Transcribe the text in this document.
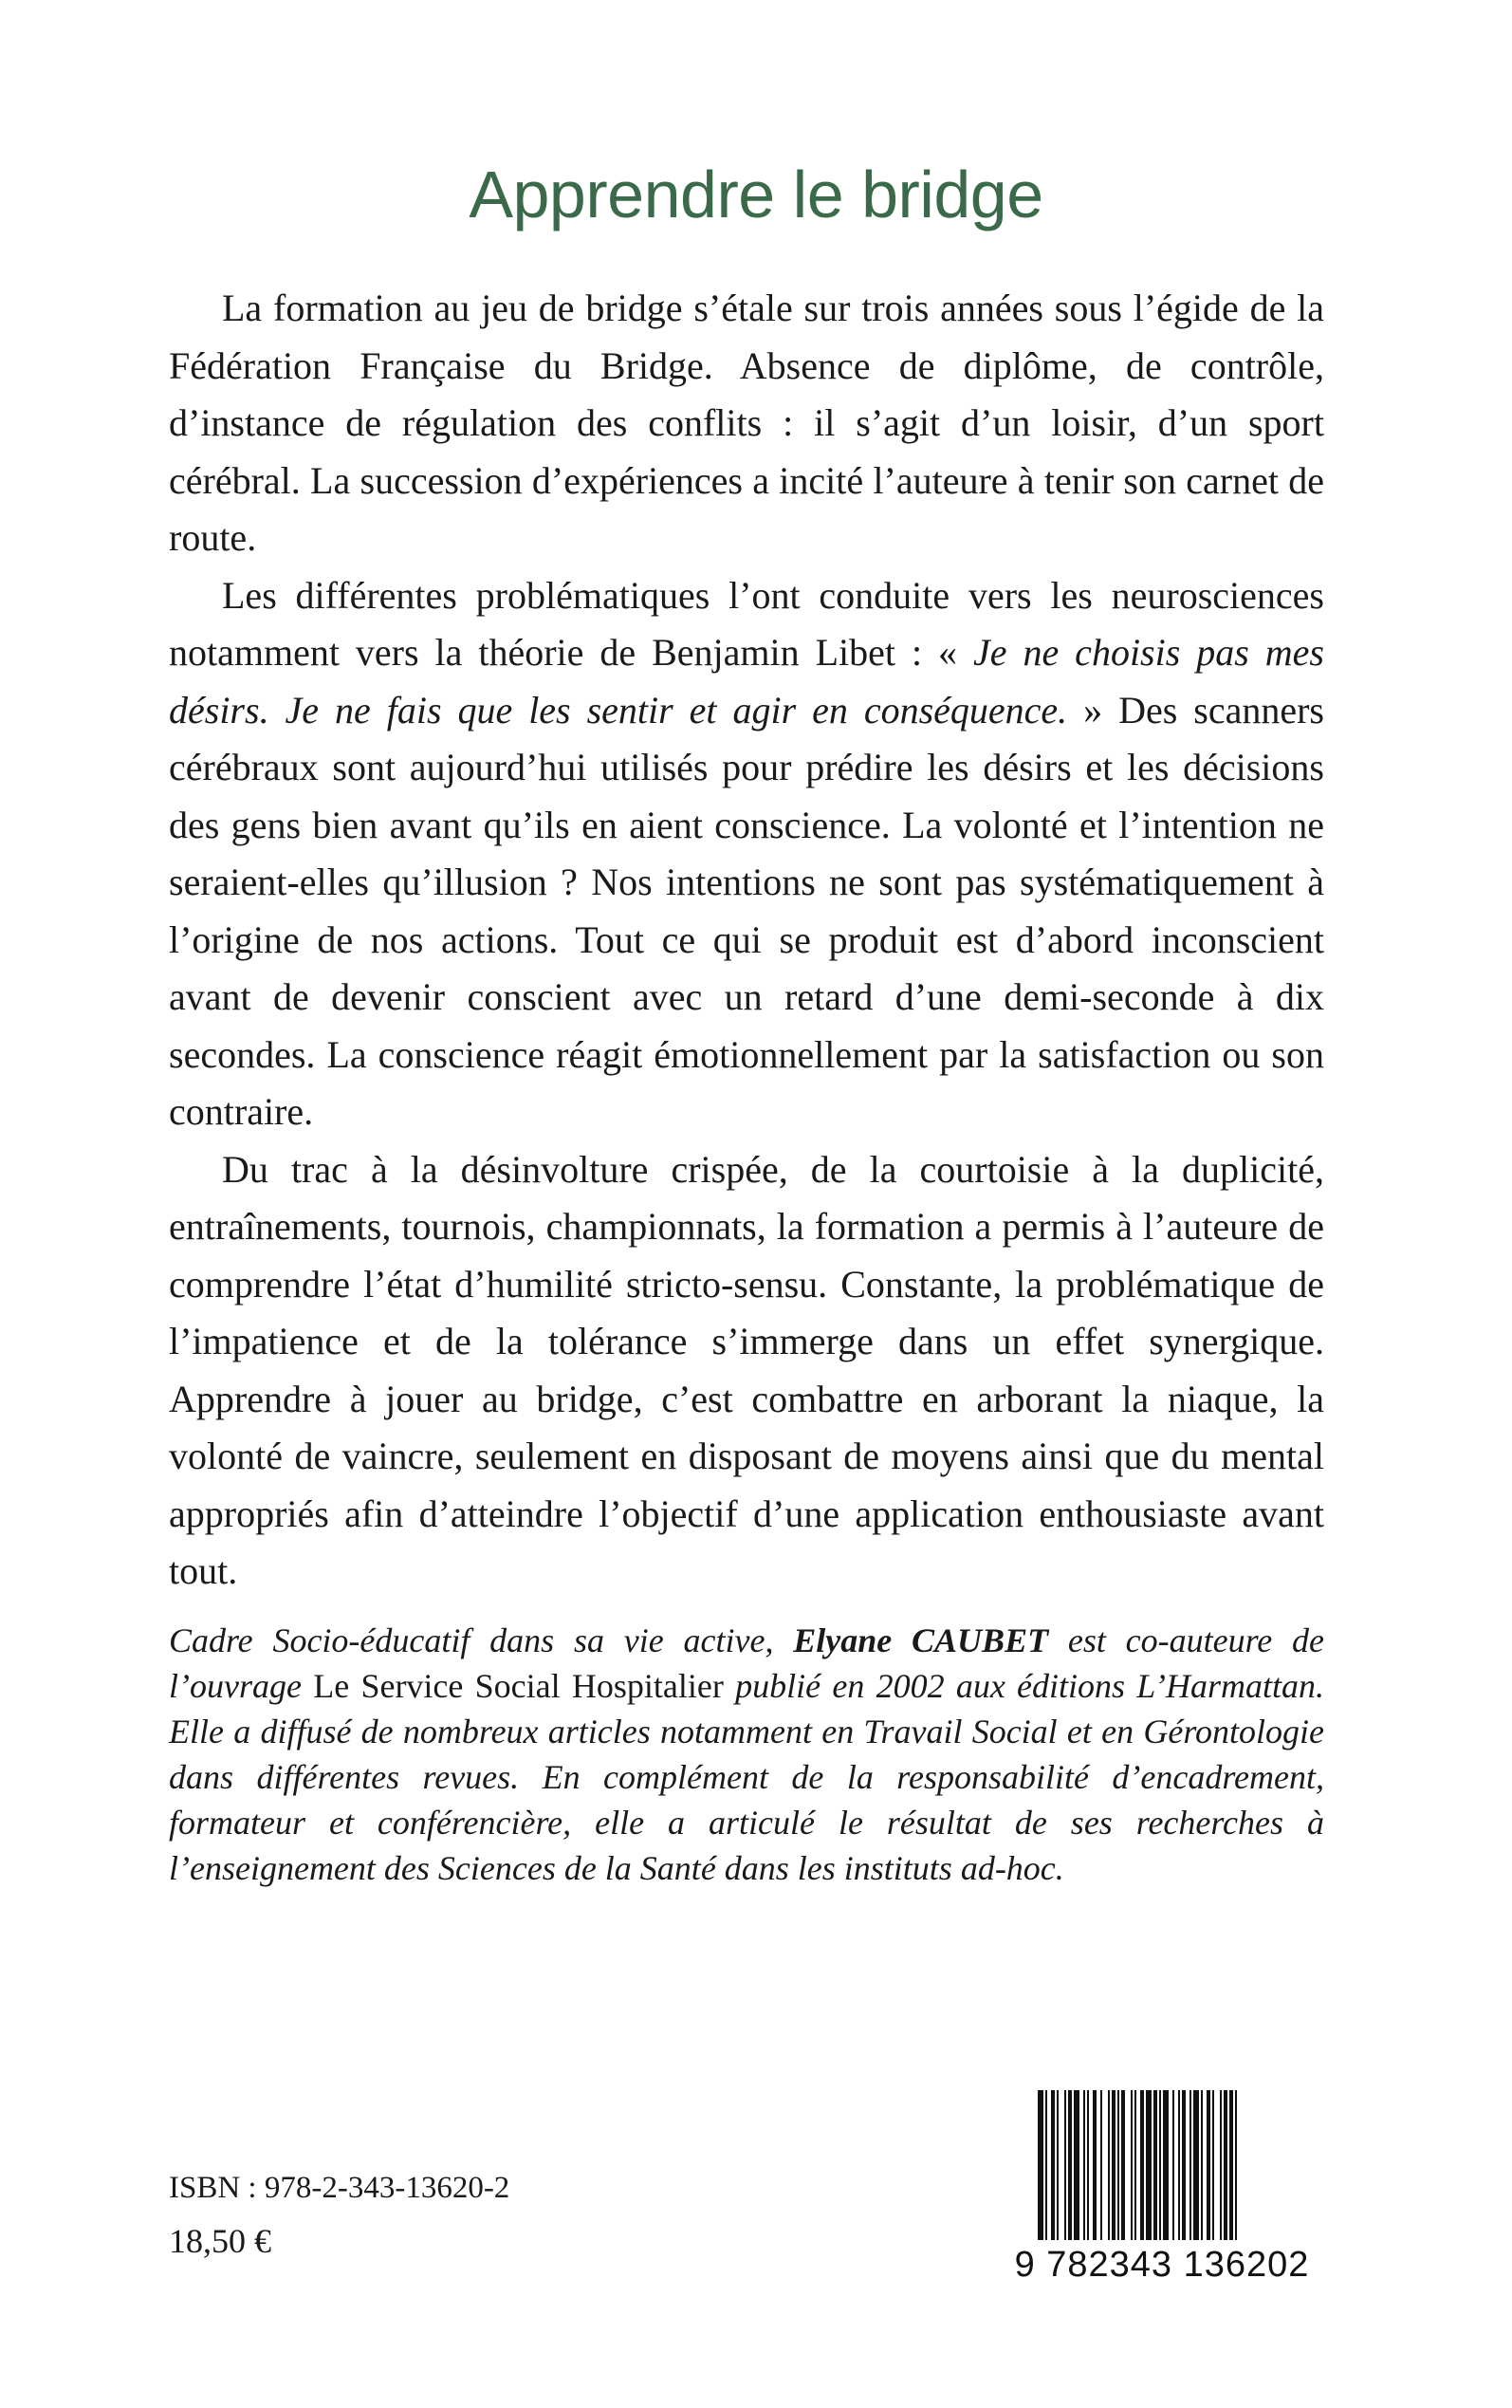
Apprendre le bridge

La formation au jeu de bridge s’étale sur trois années sous l’égide de la Fédération Française du Bridge. Absence de diplôme, de contrôle, d’instance de régulation des conflits : il s’agit d’un loisir, d’un sport cérébral. La succession d’expériences a incité l’auteure à tenir son carnet de route.

Les différentes problématiques l’ont conduite vers les neurosciences notamment vers la théorie de Benjamin Libet : « Je ne choisis pas mes désirs. Je ne fais que les sentir et agir en conséquence. » Des scanners cérébraux sont aujourd’hui utilisés pour prédire les désirs et les décisions des gens bien avant qu’ils en aient conscience. La volonté et l’intention ne seraient-elles qu’illusion ? Nos intentions ne sont pas systématiquement à l’origine de nos actions. Tout ce qui se produit est d’abord inconscient avant de devenir conscient avec un retard d’une demi-seconde à dix secondes. La conscience réagit émotionnellement par la satisfaction ou son contraire.

Du trac à la désinvolture crispée, de la courtoisie à la duplicité, entraînements, tournois, championnats, la formation a permis à l’auteure de comprendre l’état d’humilité stricto-sensu. Constante, la problématique de l’impatience et de la tolérance s’immerge dans un effet synergique. Apprendre à jouer au bridge, c’est combattre en arborant la niaque, la volonté de vaincre, seulement en disposant de moyens ainsi que du mental appropriés afin d’atteindre l’objectif d’une application enthousiaste avant tout.

Cadre Socio-éducatif dans sa vie active, Elyane CAUBET est co-auteure de l’ouvrage Le Service Social Hospitalier publié en 2002 aux éditions L’Harmattan. Elle a diffusé de nombreux articles notamment en Travail Social et en Gérontologie dans différentes revues. En complément de la responsabilité d’encadrement, formateur et conférencière, elle a articulé le résultat de ses recherches à l’enseignement des Sciences de la Santé dans les instituts ad-hoc.
ISBN : 978-2-343-13620-2
18,50 €
9 782343 136202
